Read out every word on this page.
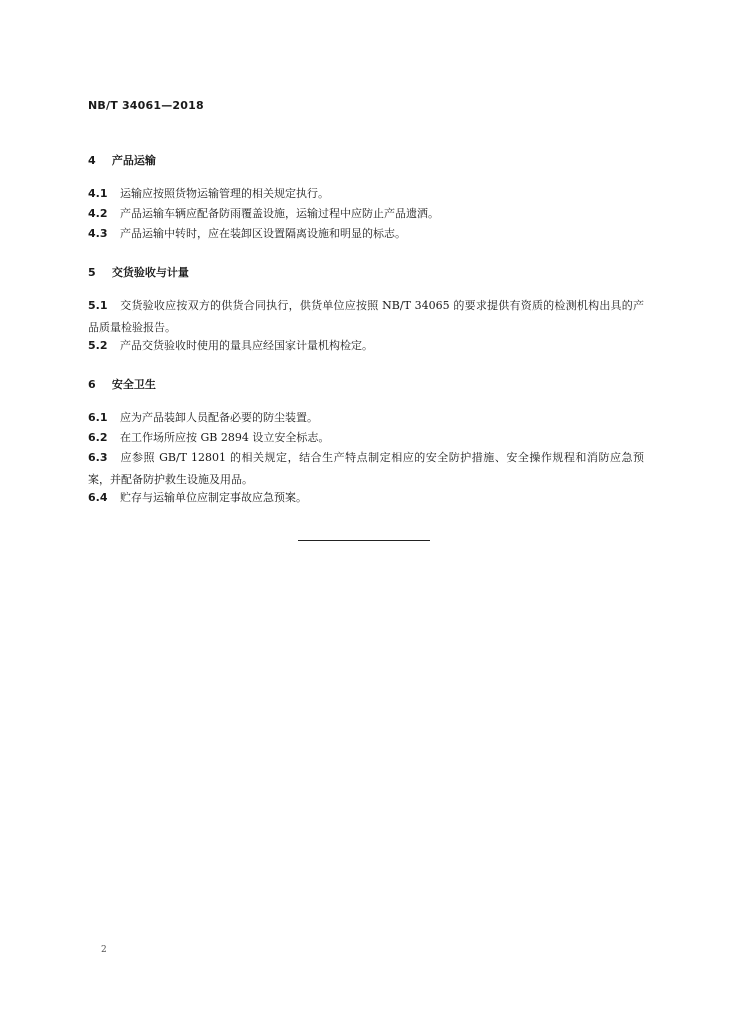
NB/T 34061—2018
4 产品运输
4.1 运输应按照货物运输管理的相关规定执行。
4.2 产品运输车辆应配备防雨覆盖设施，运输过程中应防止产品遗洒。
4.3 产品运输中转时，应在装卸区设置隔离设施和明显的标志。
5 交货验收与计量
5.1 交货验收应按双方的供货合同执行，供货单位应按照 NB/T 34065 的要求提供有资质的检测机构出具的产品质量检验报告。
5.2 产品交货验收时使用的量具应经国家计量机构检定。
6 安全卫生
6.1 应为产品装卸人员配备必要的防尘装置。
6.2 在工作场所应按 GB 2894 设立安全标志。
6.3 应参照 GB/T 12801 的相关规定，结合生产特点制定相应的安全防护措施、安全操作规程和消防应急预案，并配备防护救生设施及用品。
6.4 贮存与运输单位应制定事故应急预案。
2
